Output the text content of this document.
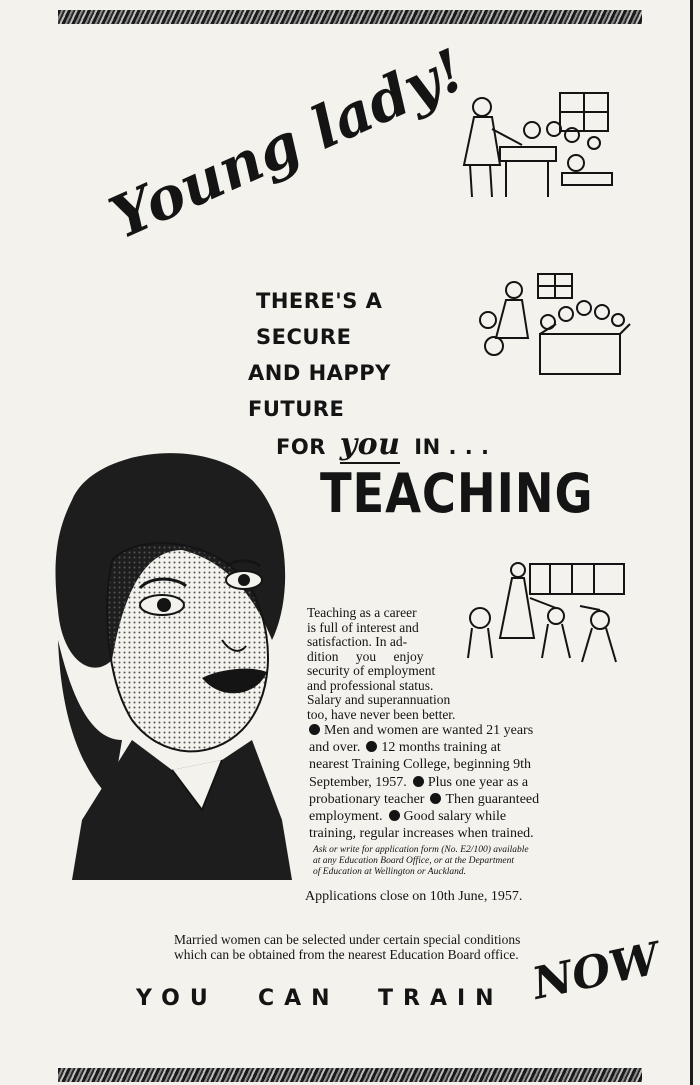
Young lady!
THERE'S A SECURE
AND HAPPY FUTURE
FOR you IN . . .
TEACHING
Teaching as a career
is full of interest and
satisfaction. In ad-
dition you enjoy
security of employment
and professional status.
Salary and superannuation
too, have never been better.
Men and women are wanted 21 years
and over. 12 months training at
nearest Training College, beginning 9th
September, 1957. Plus one year as a
probationary teacher Then guaranteed
employment. Good salary while
training, regular increases when trained.
Ask or write for application form (No. E2/100) available
at any Education Board Office, or at the Department
of Education at Wellington or Auckland.
Applications close on 10th June, 1957.
Married women can be selected under certain special conditions
which can be obtained from the nearest Education Board office.
YOU CAN TRAIN NOW
